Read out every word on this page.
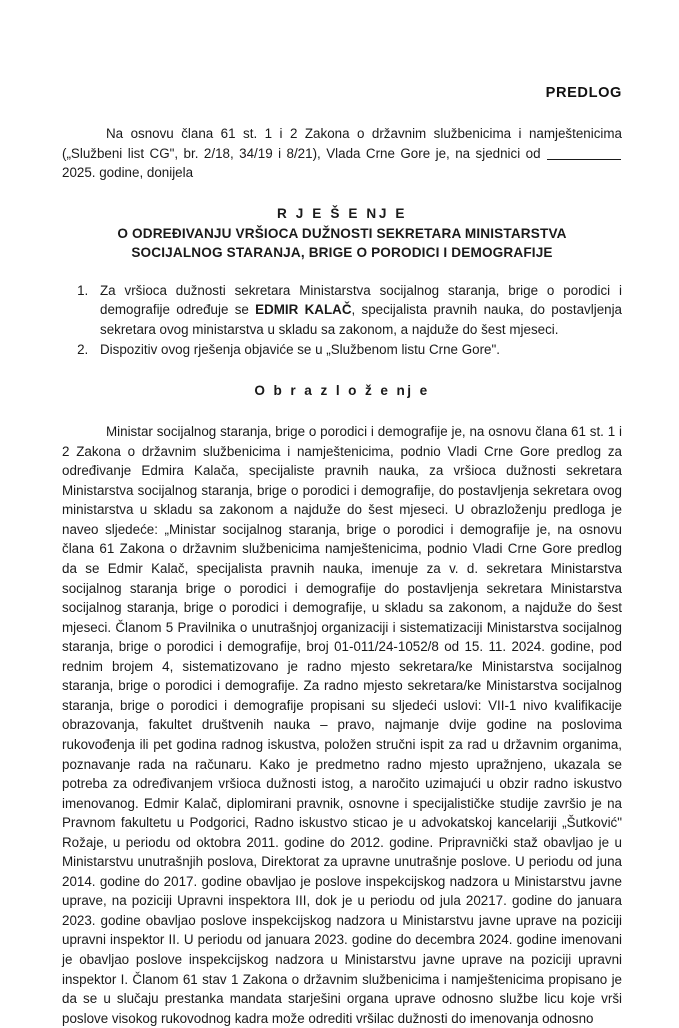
PREDLOG
Na osnovu člana 61 st. 1 i 2 Zakona o državnim službenicima i namještenicima („Službeni list CG", br. 2/18, 34/19 i 8/21), Vlada Crne Gore je, na sjednici od  2025. godine, donijela
R J E Š E NJ E
O ODREĐIVANJU VRŠIOCA DUŽNOSTI SEKRETARA MINISTARSTVA
SOCIJALNOG STARANJA, BRIGE O PORODICI I DEMOGRAFIJE
1. Za vršioca dužnosti sekretara Ministarstva socijalnog staranja, brige o porodici i demografije određuje se EDMIR KALAČ, specijalista pravnih nauka, do postavljenja sekretara ovog ministarstva u skladu sa zakonom, a najduže do šest mjeseci.
2. Dispozitiv ovog rješenja objaviće se u „Službenom listu Crne Gore".
O b r a z l o ž e nj e
Ministar socijalnog staranja, brige o porodici i demografije je, na osnovu člana 61 st. 1 i 2 Zakona o državnim službenicima i namještenicima, podnio Vladi Crne Gore predlog za određivanje Edmira Kalača, specijaliste pravnih nauka, za vršioca dužnosti sekretara Ministarstva socijalnog staranja, brige o porodici i demografije, do postavljenja sekretara ovog ministarstva u skladu sa zakonom a najduže do šest mjeseci. U obrazloženju predloga je naveo sljedeće: „Ministar socijalnog staranja, brige o porodici i demografije je, na osnovu člana 61 Zakona o državnim službenicima namještenicima, podnio Vladi Crne Gore predlog da se Edmir Kalač, specijalista pravnih nauka, imenuje za v. d. sekretara Ministarstva socijalnog staranja brige o porodici i demografije do postavljenja sekretara Ministarstva socijalnog staranja, brige o porodici i demografije, u skladu sa zakonom, a najduže do šest mjeseci. Članom 5 Pravilnika o unutrašnjoj organizaciji i sistematizaciji Ministarstva socijalnog staranja, brige o porodici i demografije, broj 01-011/24-1052/8 od 15. 11. 2024. godine, pod rednim brojem 4, sistematizovano je radno mjesto sekretara/ke Ministarstva socijalnog staranja, brige o porodici i demografije. Za radno mjesto sekretara/ke Ministarstva socijalnog staranja, brige o porodici i demografije propisani su sljedeći uslovi: VII-1 nivo kvalifikacije obrazovanja, fakultet društvenih nauka – pravo, najmanje dvije godine na poslovima rukovođenja ili pet godina radnog iskustva, položen stručni ispit za rad u državnim organima, poznavanje rada na računaru. Kako je predmetno radno mjesto upražnjeno, ukazala se potreba za određivanjem vršioca dužnosti istog, a naročito uzimajući u obzir radno iskustvo imenovanog. Edmir Kalač, diplomirani pravnik, osnovne i specijalističke studije završio je na Pravnom fakultetu u Podgorici, Radno iskustvo sticao je u advokatskoj kancelariji „Šutković" Rožaje, u periodu od oktobra 2011. godine do 2012. godine. Pripravnički staž obavljao je u Ministarstvu unutrašnjih poslova, Direktorat za upravne unutrašnje poslove. U periodu od juna 2014. godine do 2017. godine obavljao je poslove inspekcijskog nadzora u Ministarstvu javne uprave, na poziciji Upravni inspektora III, dok je u periodu od jula 20217. godine do januara 2023. godine obavljao poslove inspekcijskog nadzora u Ministarstvu javne uprave na poziciji upravni inspektor II. U periodu od januara 2023. godine do decembra 2024. godine imenovani je obavljao poslove inspekcijskog nadzora u Ministarstvu javne uprave na poziciji upravni inspektor I. Članom 61 stav 1 Zakona o državnim službenicima i namještenicima propisano je da se u slučaju prestanka mandata starješini organa uprave odnosno službe licu koje vrši poslove visokog rukovodnog kadra može odrediti vršilac dužnosti do imenovanja odnosno
